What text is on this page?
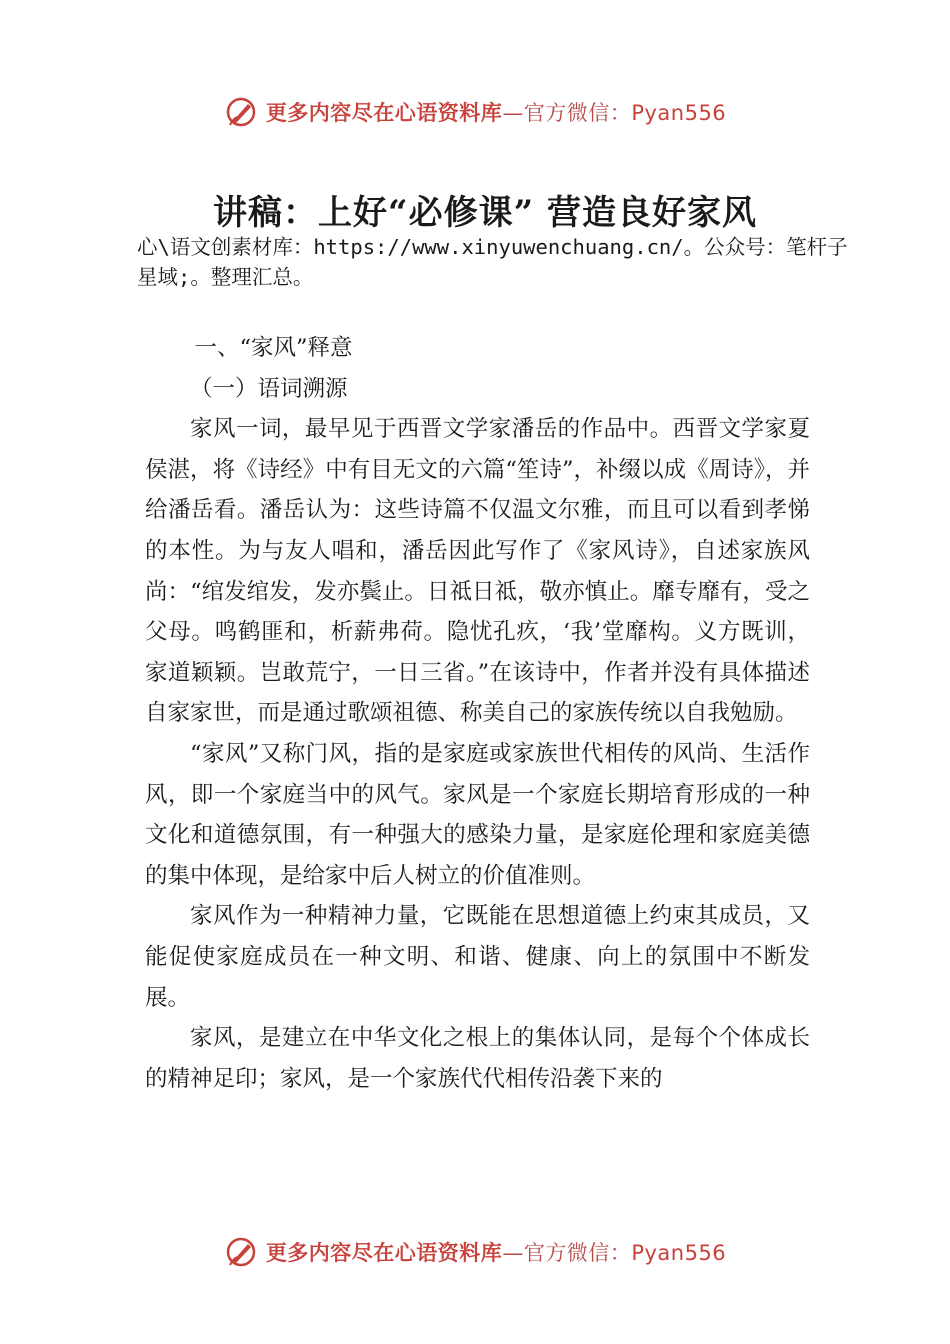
更多内容尽在心语资料库—官方微信：Pyan556
讲稿：上好“必修课” 营造良好家风
心\语文创素材库：https://www.xinyuwenchuang.cn/。公众号：笔杆子星域;。整理汇总。

一、“家风”释意

（一）语词溯源

家风一词，最早见于西晋文学家潘岳的作品中。西晋文学家夏侯湛，将《诗经》中有目无文的六篇“笙诗”，补缀以成《周诗》，并给潘岳看。潘岳认为：这些诗篇不仅温文尔雅，而且可以看到孝悌的本性。为与友人唱和，潘岳因此写作了《家风诗》，自述家族风尚：“绾发绾发，发亦鬓止。日祗日祗，敬亦慎止。靡专靡有，受之父母。鸣鹤匪和，析薪弗荷。隐忧孔疚，‘我’堂靡构。义方既训，家道颖颖。岂敢荒宁，一日三省。”在该诗中，作者并没有具体描述自家家世，而是通过歌颂祖德、称美自己的家族传统以自我勉励。

“家风”又称门风，指的是家庭或家族世代相传的风尚、生活作风，即一个家庭当中的风气。家风是一个家庭长期培育形成的一种文化和道德氛围，有一种强大的感染力量，是家庭伦理和家庭美德的集中体现，是给家中后人树立的价值准则。

家风作为一种精神力量，它既能在思想道德上约束其成员，又能促使家庭成员在一种文明、和谐、健康、向上的氛围中不断发展。

家风，是建立在中华文化之根上的集体认同，是每个个体成长的精神足印；家风，是一个家族代代相传沿袭下来的

更多内容尽在心语资料库—官方微信：Pyan556
